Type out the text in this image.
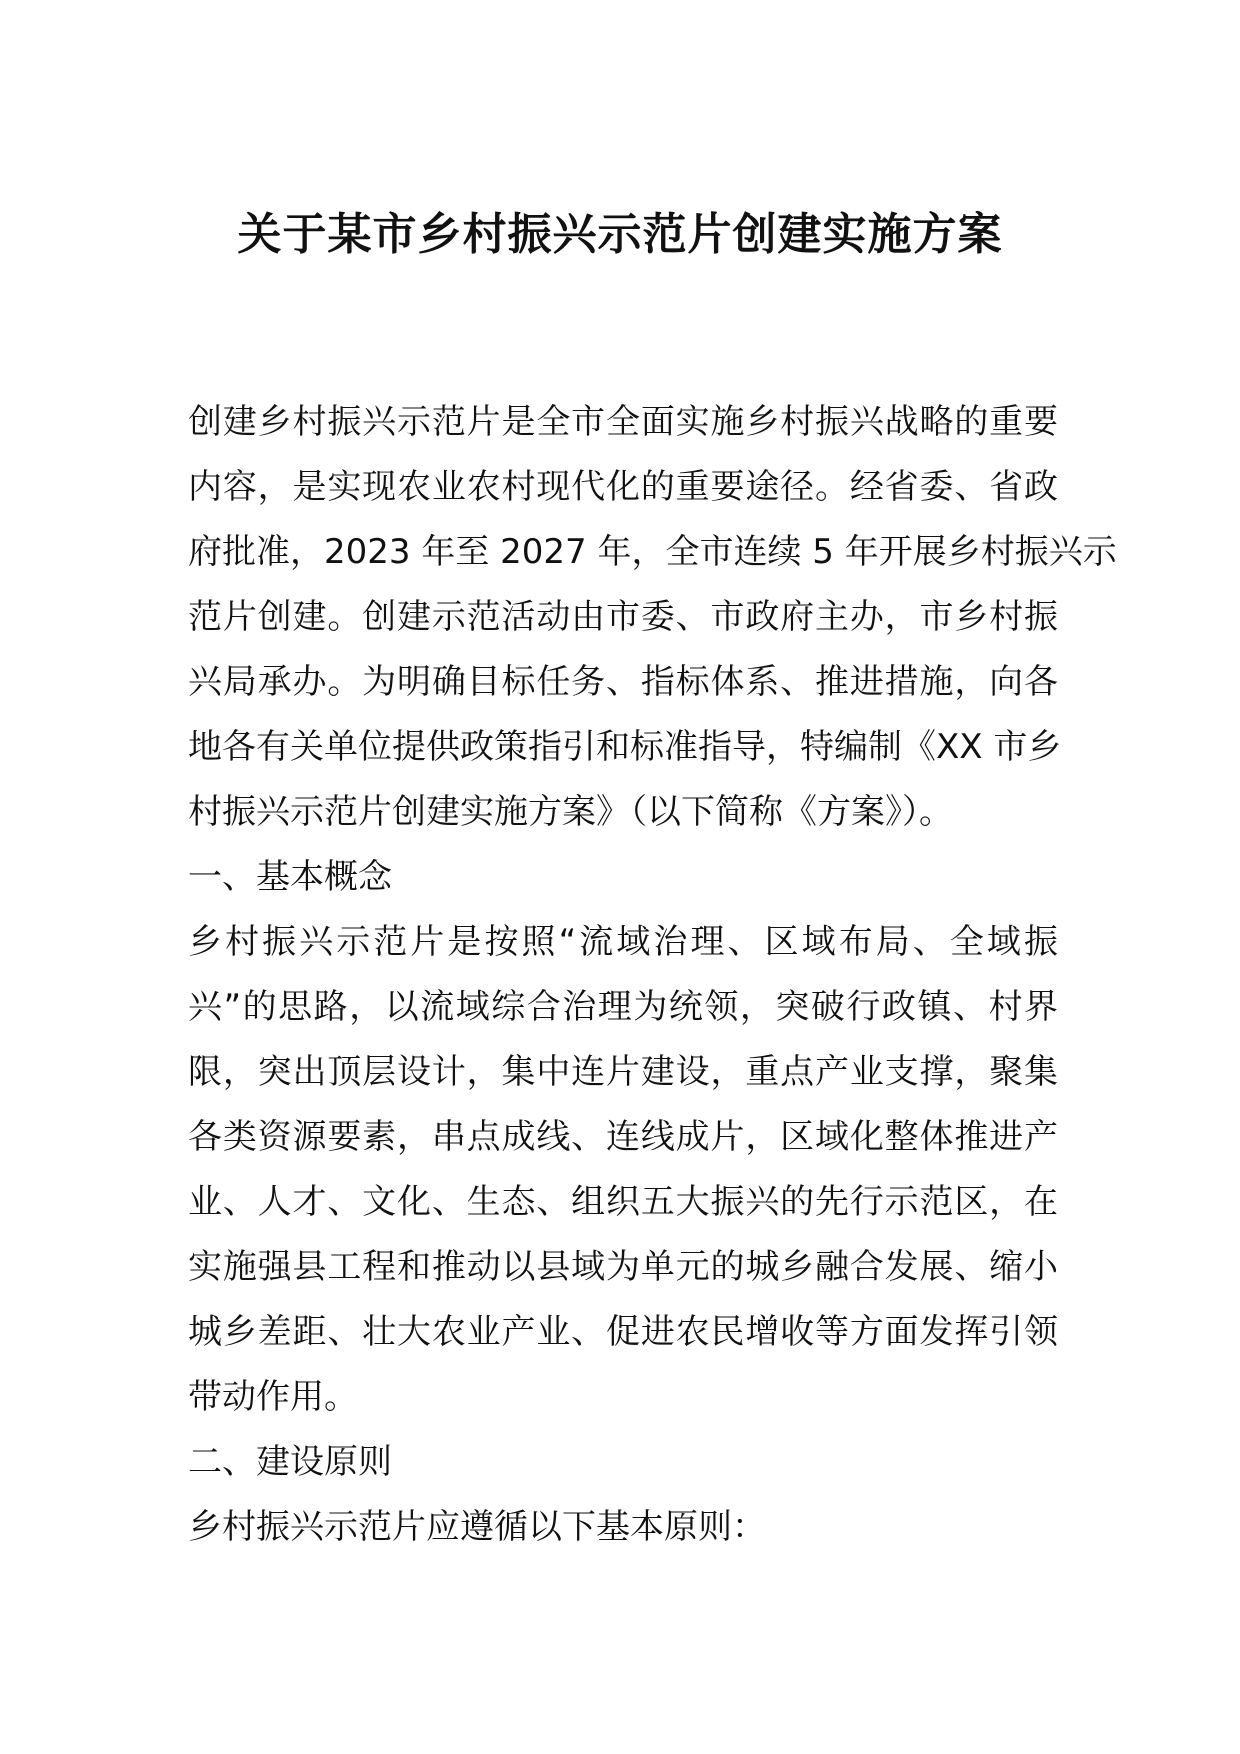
关于某市乡村振兴示范片创建实施方案
创建乡村振兴示范片是全市全面实施乡村振兴战略的重要
内容，是实现农业农村现代化的重要途径。经省委、省政
府批准，2023 年至 2027 年，全市连续 5 年开展乡村振兴示
范片创建。创建示范活动由市委、市政府主办，市乡村振
兴局承办。为明确目标任务、指标体系、推进措施，向各
地各有关单位提供政策指引和标准指导，特编制《XX 市乡
村振兴示范片创建实施方案》（以下简称《方案》）。
一、基本概念
乡村振兴示范片是按照“流域治理、区域布局、全域振
兴”的思路，以流域综合治理为统领，突破行政镇、村界
限，突出顶层设计，集中连片建设，重点产业支撑，聚集
各类资源要素，串点成线、连线成片，区域化整体推进产
业、人才、文化、生态、组织五大振兴的先行示范区，在
实施强县工程和推动以县域为单元的城乡融合发展、缩小
城乡差距、壮大农业产业、促进农民增收等方面发挥引领
带动作用。
二、建设原则
乡村振兴示范片应遵循以下基本原则：
